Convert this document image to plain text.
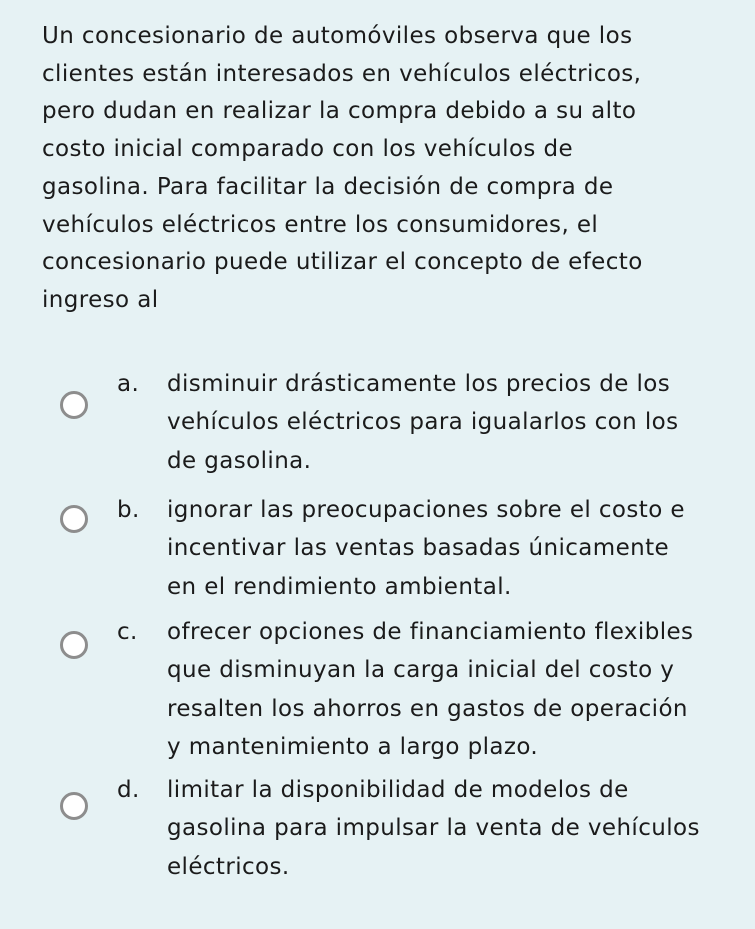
Un concesionario de automóviles observa que los
clientes están interesados en vehículos eléctricos,
pero dudan en realizar la compra debido a su alto
costo inicial comparado con los vehículos de
gasolina. Para facilitar la decisión de compra de
vehículos eléctricos entre los consumidores, el
concesionario puede utilizar el concepto de efecto
ingreso al

a. disminuir drásticamente los precios de los
vehículos eléctricos para igualarlos con los
de gasolina.
b. ignorar las preocupaciones sobre el costo e
incentivar las ventas basadas únicamente
en el rendimiento ambiental.
c. ofrecer opciones de financiamiento flexibles
que disminuyan la carga inicial del costo y
resalten los ahorros en gastos de operación
y mantenimiento a largo plazo.
d. limitar la disponibilidad de modelos de
gasolina para impulsar la venta de vehículos
eléctricos.
